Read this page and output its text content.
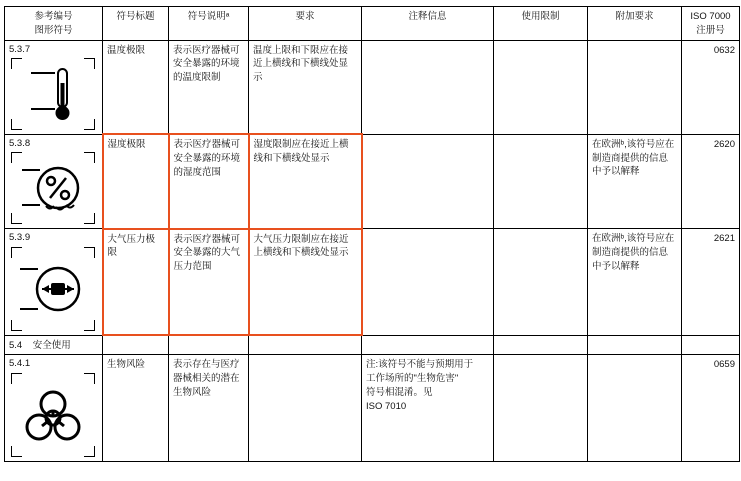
参考编号
图形符号
	符号标题	符号说明ᵃ	要求	注释信息	使用限制	附加要求	ISO 7000
注册号

5.3.7	温度极限	表示医疗器械可安全暴露的环境的温度限制	温度上限和下限应在接近上横线和下横线处显示				0632

5.3.8	湿度极限	表示医疗器械可安全暴露的环境的湿度范围	湿度限制应在接近上横线和下横线处显示			在欧洲ᵇ,该符号应在制造商提供的信息中予以解释	2620

5.3.9	大气压力极限	表示医疗器械可安全暴露的大气压力范围	大气压力限制应在接近上横线和下横线处显示			在欧洲ᵇ,该符号应在制造商提供的信息中予以解释	2621
5.4 安全使用							

5.4.1	生物风险	表示存在与医疗器械相关的潜在生物风险		注:该符号不能与预期用于
工作场所的"生物危害"
符号相混淆。见
ISO 7010			0659
